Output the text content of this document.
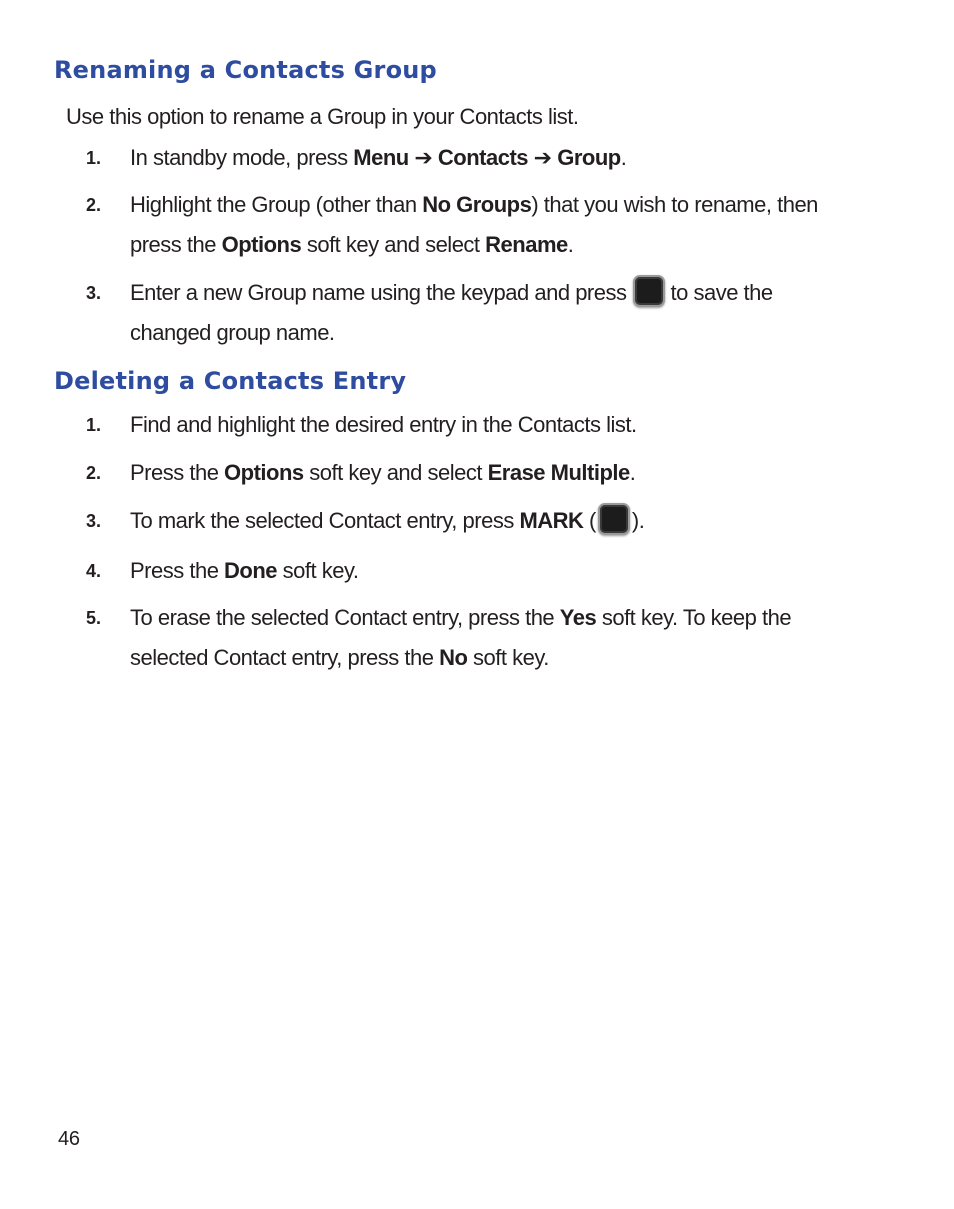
Renaming a Contacts Group
Use this option to rename a Group in your Contacts list.
1. In standby mode, press Menu ➔ Contacts ➔ Group.
2. Highlight the Group (other than No Groups) that you wish to rename, then
press the Options soft key and select Rename.
3. Enter a new Group name using the keypad and press to save the
changed group name.
Deleting a Contacts Entry
1. Find and highlight the desired entry in the Contacts list.
2. Press the Options soft key and select Erase Multiple.
3. To mark the selected Contact entry, press MARK ( ).
4. Press the Done soft key.
5. To erase the selected Contact entry, press the Yes soft key. To keep the
selected Contact entry, press the No soft key.
46
